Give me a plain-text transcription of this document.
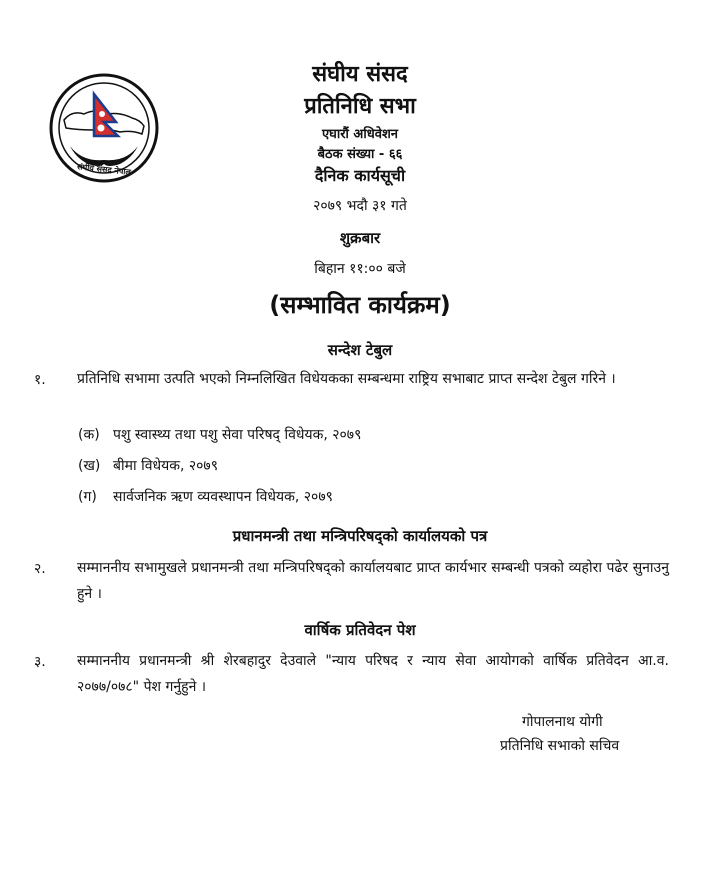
संघीय संसद नेपाल
संघीय संसद
प्रतिनिधि सभा
एघारौं अधिवेशन
बैठक संख्या - ६६
दैनिक कार्यसूची
२०७९ भदौ ३१ गते
शुक्रबार
बिहान ११:०० बजे
(सम्भावित कार्यक्रम)
सन्देश टेबुल
१. प्रतिनिधि सभामा उत्पति भएको निम्नलिखित विधेयकका सम्बन्धमा राष्ट्रिय सभाबाट प्राप्त सन्देश टेबुल गरिने ।
(क) पशु स्वास्थ्य तथा पशु सेवा परिषद् विधेयक, २०७९
(ख) बीमा विधेयक, २०७९
(ग) सार्वजनिक ऋण व्यवस्थापन विधेयक, २०७९
प्रधानमन्त्री तथा मन्त्रिपरिषद्को कार्यालयको पत्र
२. सम्माननीय सभामुखले प्रधानमन्त्री तथा मन्त्रिपरिषद्को कार्यालयबाट प्राप्त कार्यभार सम्बन्धी पत्रको व्यहोरा पढेर सुनाउनु हुने ।
वार्षिक प्रतिवेदन पेश
३. सम्माननीय प्रधानमन्त्री श्री शेरबहादुर देउवाले "न्याय परिषद र न्याय सेवा आयोगको वार्षिक प्रतिवेदन आ.व. २०७७/०७८" पेश गर्नुहुने ।
गोपालनाथ योगी
प्रतिनिधि सभाको सचिव
